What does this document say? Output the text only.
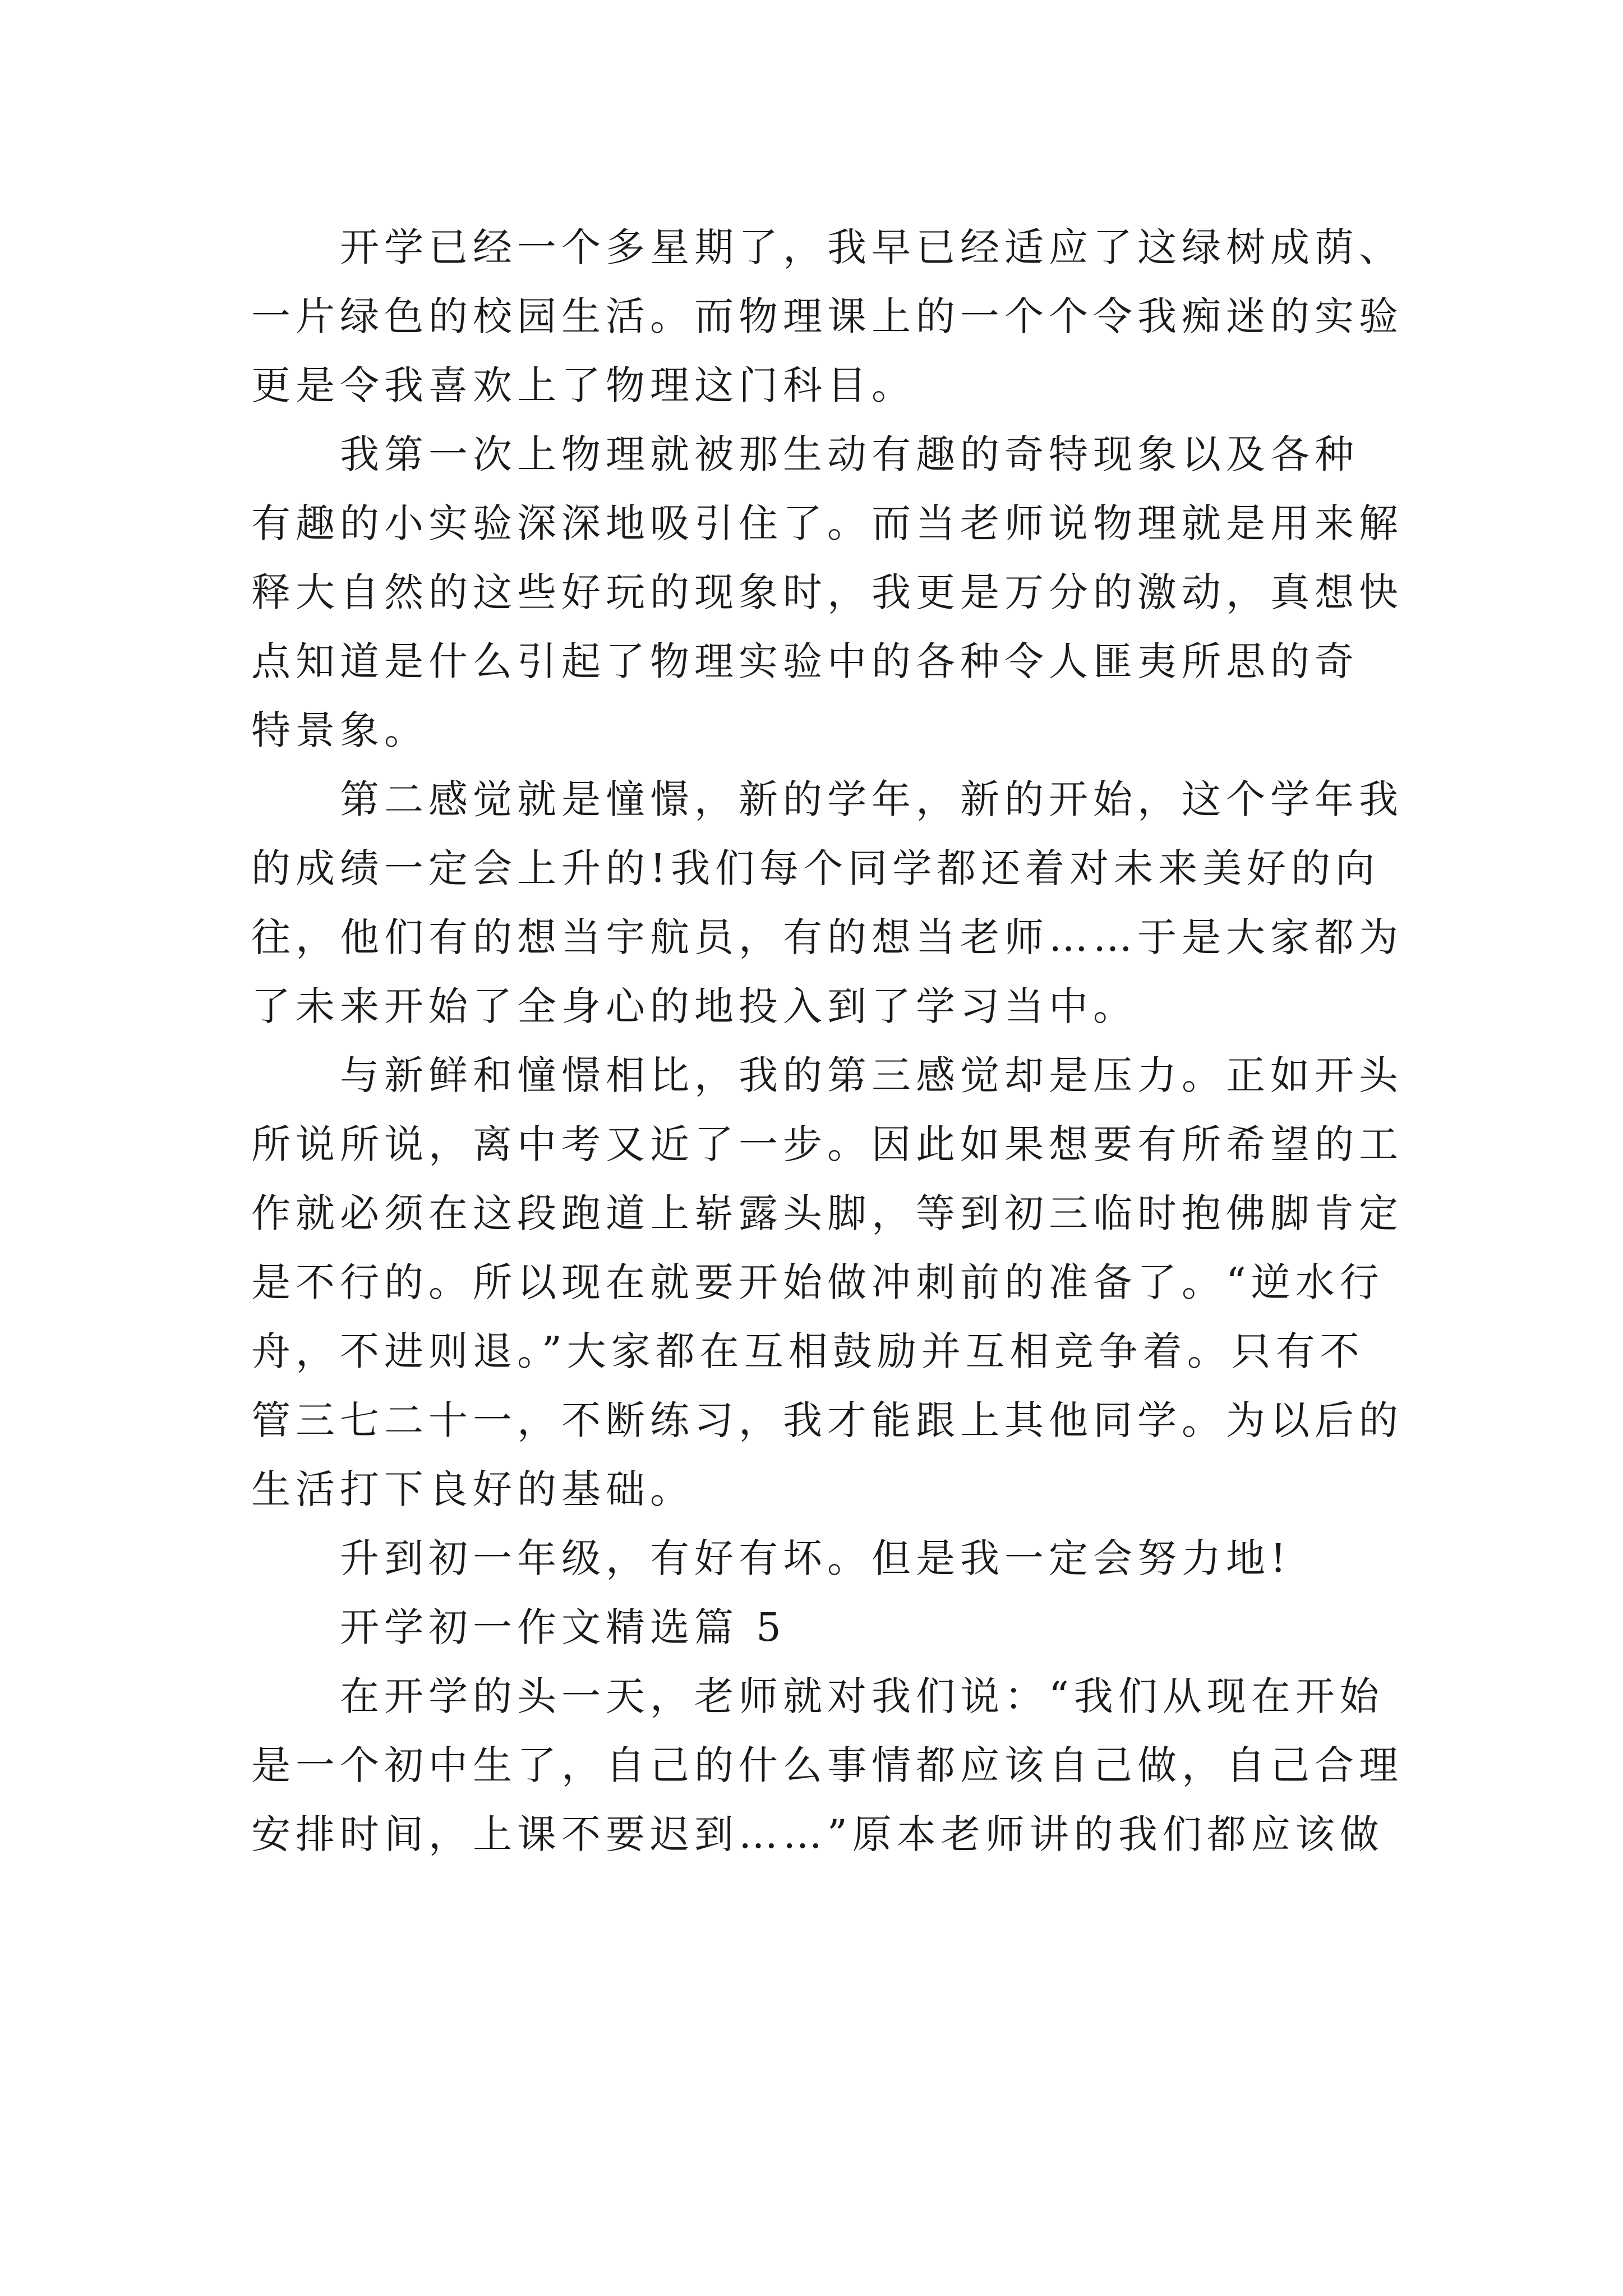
开学已经一个多星期了，我早已经适应了这绿树成荫、
一片绿色的校园生活。而物理课上的一个个令我痴迷的实验
更是令我喜欢上了物理这门科目。
我第一次上物理就被那生动有趣的奇特现象以及各种
有趣的小实验深深地吸引住了。而当老师说物理就是用来解
释大自然的这些好玩的现象时，我更是万分的激动，真想快
点知道是什么引起了物理实验中的各种令人匪夷所思的奇
特景象。
第二感觉就是憧憬，新的学年，新的开始，这个学年我
的成绩一定会上升的!我们每个同学都还着对未来美好的向
往，他们有的想当宇航员，有的想当老师……于是大家都为
了未来开始了全身心的地投入到了学习当中。
与新鲜和憧憬相比，我的第三感觉却是压力。正如开头
所说所说，离中考又近了一步。因此如果想要有所希望的工
作就必须在这段跑道上崭露头脚，等到初三临时抱佛脚肯定
是不行的。所以现在就要开始做冲刺前的准备了。“逆水行
舟，不进则退。”大家都在互相鼓励并互相竞争着。只有不
管三七二十一，不断练习，我才能跟上其他同学。为以后的
生活打下良好的基础。
升到初一年级，有好有坏。但是我一定会努力地!
开学初一作文精选篇 5
在开学的头一天，老师就对我们说：“我们从现在开始
是一个初中生了，自己的什么事情都应该自己做，自己合理
安排时间，上课不要迟到……”原本老师讲的我们都应该做
